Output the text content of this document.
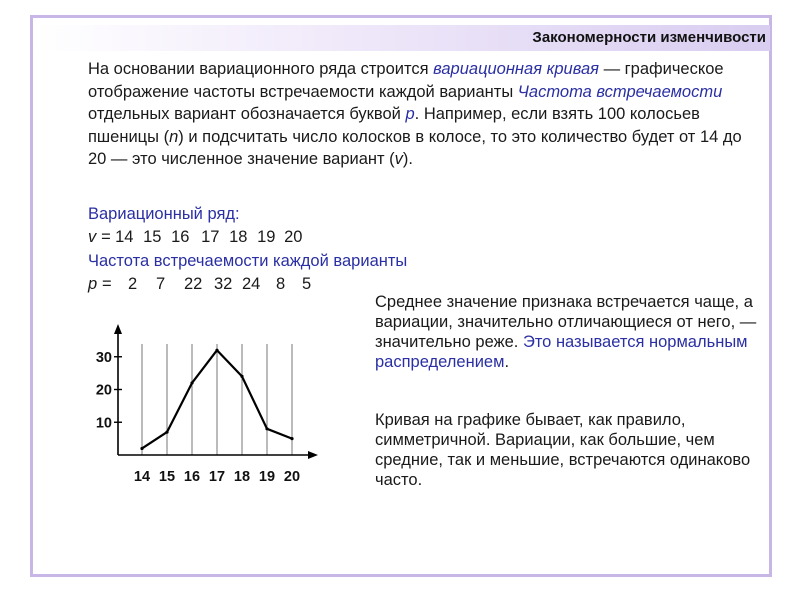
Закономерности изменчивости

На основании вариационного ряда строится вариационная кривая — графическое отображение частоты встречаемости каждой варианты Частота встречаемости отдельных вариант обозначается буквой p. Например, если взять 100 колосьев пшеницы (n) и подсчитать число колосков в колосе, то это количество будет от 14 до 20 — это численное значение вариант (v).

Вариационный ряд:
v = 14 15 16 17 18 19 20
Частота встречаемости каждой варианты
p = 2 7 22 32 24 8 5

Среднее значение признака встречается чаще, а вариации, значительно отличающиеся от него, — значительно реже. Это называется нормальным распределением.

Кривая на графике бывает, как правило, симметричной. Вариации, как большие, чем средние, так и меньшие, встречаются одинаково часто.

14 15 16 17 18 19 20
10
20
30
